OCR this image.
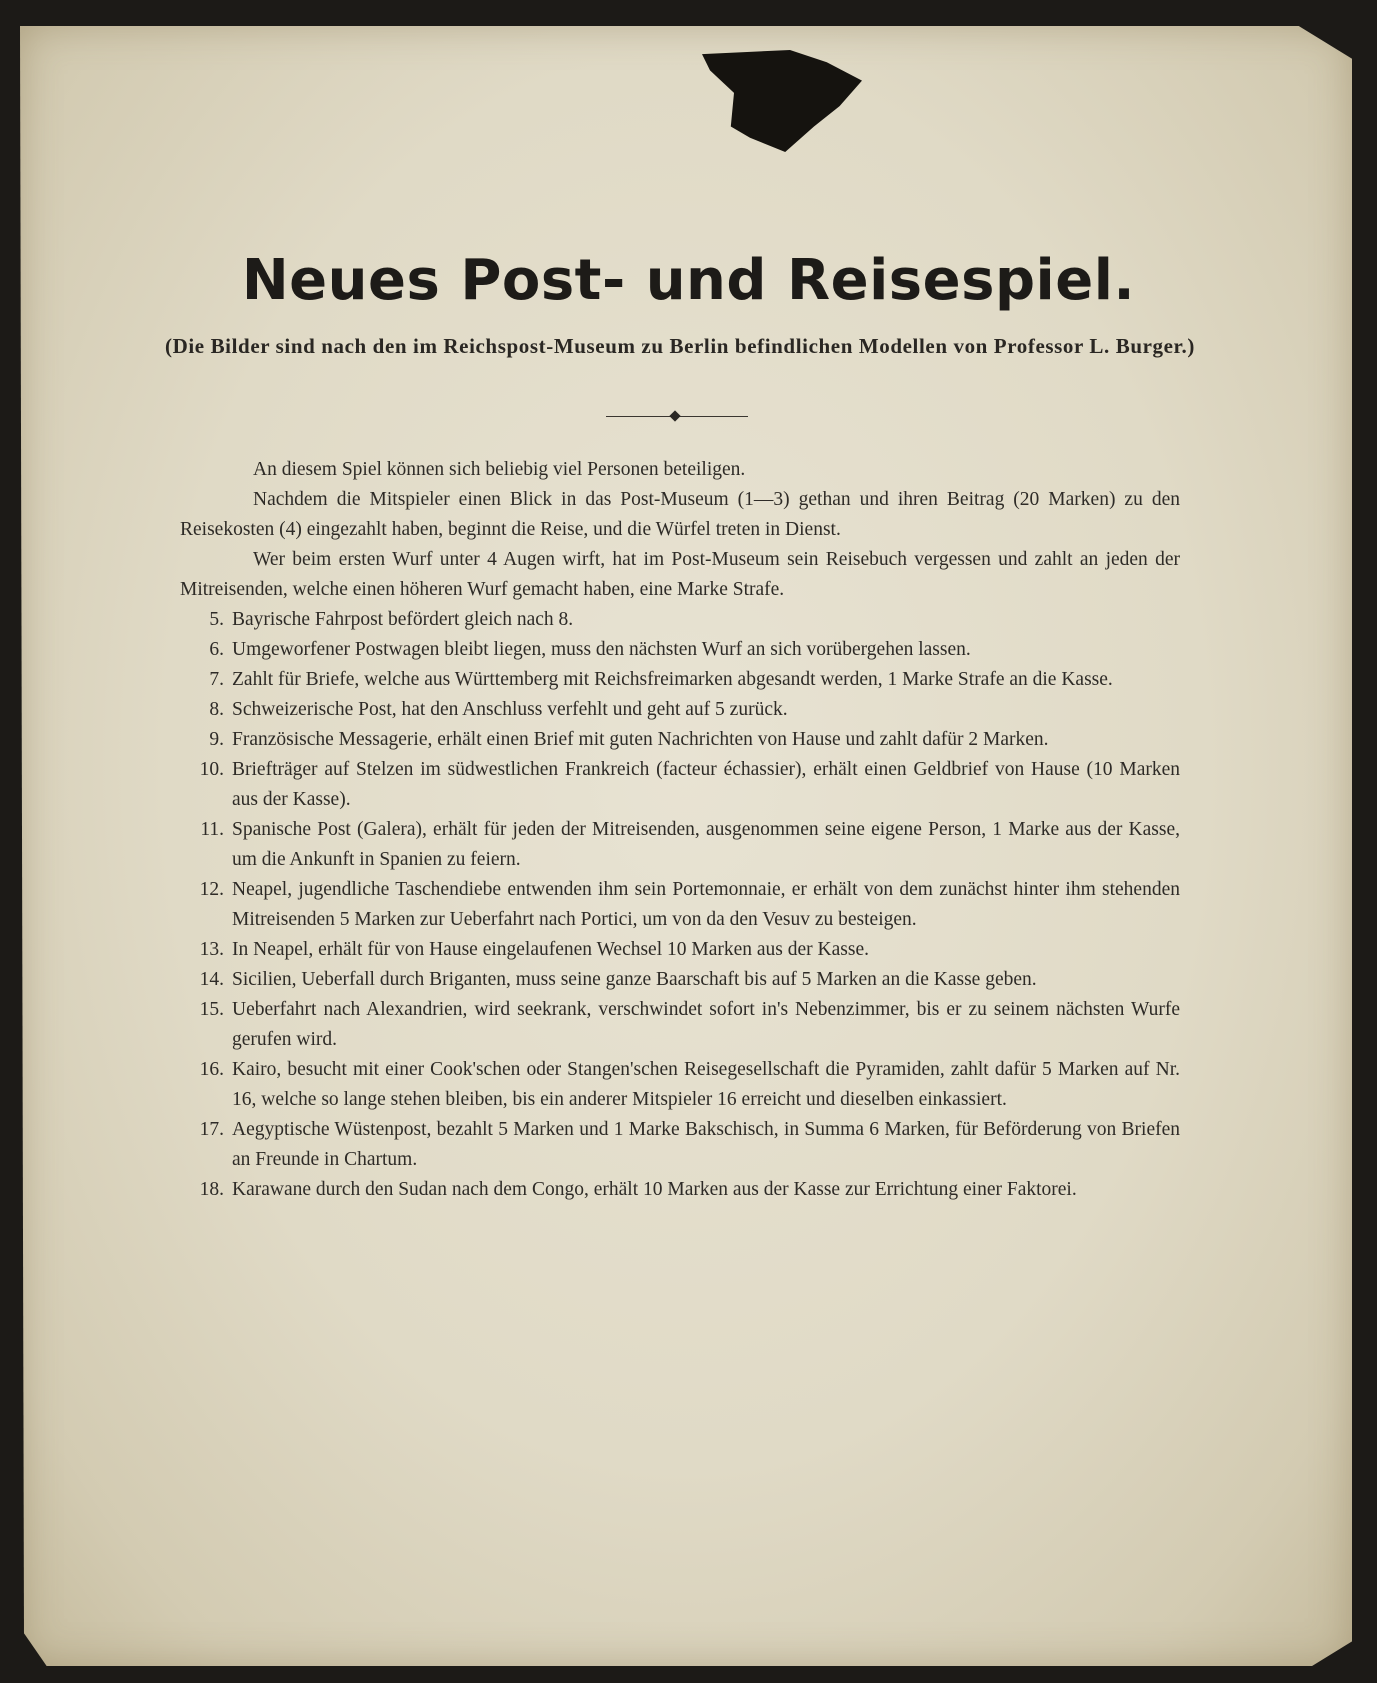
Neues Post- und Reisespiel.
(Die Bilder sind nach den im Reichspost-Museum zu Berlin befindlichen Modellen von Professor L. Burger.)

An diesem Spiel können sich beliebig viel Personen beteiligen.

Nachdem die Mitspieler einen Blick in das Post-Museum (1—3) gethan und ihren Beitrag (20 Marken) zu den Reisekosten (4) eingezahlt haben, beginnt die Reise, und die Würfel treten in Dienst.

Wer beim ersten Wurf unter 4 Augen wirft, hat im Post-Museum sein Reisebuch vergessen und zahlt an jeden der Mitreisenden, welche einen höheren Wurf gemacht haben, eine Marke Strafe.

5. Bayrische Fahrpost befördert gleich nach 8.
6. Umgeworfener Postwagen bleibt liegen, muss den nächsten Wurf an sich vorübergehen lassen.
7. Zahlt für Briefe, welche aus Württemberg mit Reichsfreimarken abgesandt werden, 1 Marke Strafe an die Kasse.
8. Schweizerische Post, hat den Anschluss verfehlt und geht auf 5 zurück.
9. Französische Messagerie, erhält einen Brief mit guten Nachrichten von Hause und zahlt dafür 2 Marken.
10. Briefträger auf Stelzen im südwestlichen Frankreich (facteur échassier), erhält einen Geldbrief von Hause (10 Marken aus der Kasse).
11. Spanische Post (Galera), erhält für jeden der Mitreisenden, ausgenommen seine eigene Person, 1 Marke aus der Kasse, um die Ankunft in Spanien zu feiern.
12. Neapel, jugendliche Taschendiebe entwenden ihm sein Portemonnaie, er erhält von dem zunächst hinter ihm stehenden Mitreisenden 5 Marken zur Ueberfahrt nach Portici, um von da den Vesuv zu besteigen.
13. In Neapel, erhält für von Hause eingelaufenen Wechsel 10 Marken aus der Kasse.
14. Sicilien, Ueberfall durch Briganten, muss seine ganze Baarschaft bis auf 5 Marken an die Kasse geben.
15. Ueberfahrt nach Alexandrien, wird seekrank, verschwindet sofort in's Nebenzimmer, bis er zu seinem nächsten Wurfe gerufen wird.
16. Kairo, besucht mit einer Cook'schen oder Stangen'schen Reisegesellschaft die Pyramiden, zahlt dafür 5 Marken auf Nr. 16, welche so lange stehen bleiben, bis ein anderer Mitspieler 16 erreicht und dieselben einkassiert.
17. Aegyptische Wüstenpost, bezahlt 5 Marken und 1 Marke Bakschisch, in Summa 6 Marken, für Beförderung von Briefen an Freunde in Chartum.
18. Karawane durch den Sudan nach dem Congo, erhält 10 Marken aus der Kasse zur Errichtung einer Faktorei.
